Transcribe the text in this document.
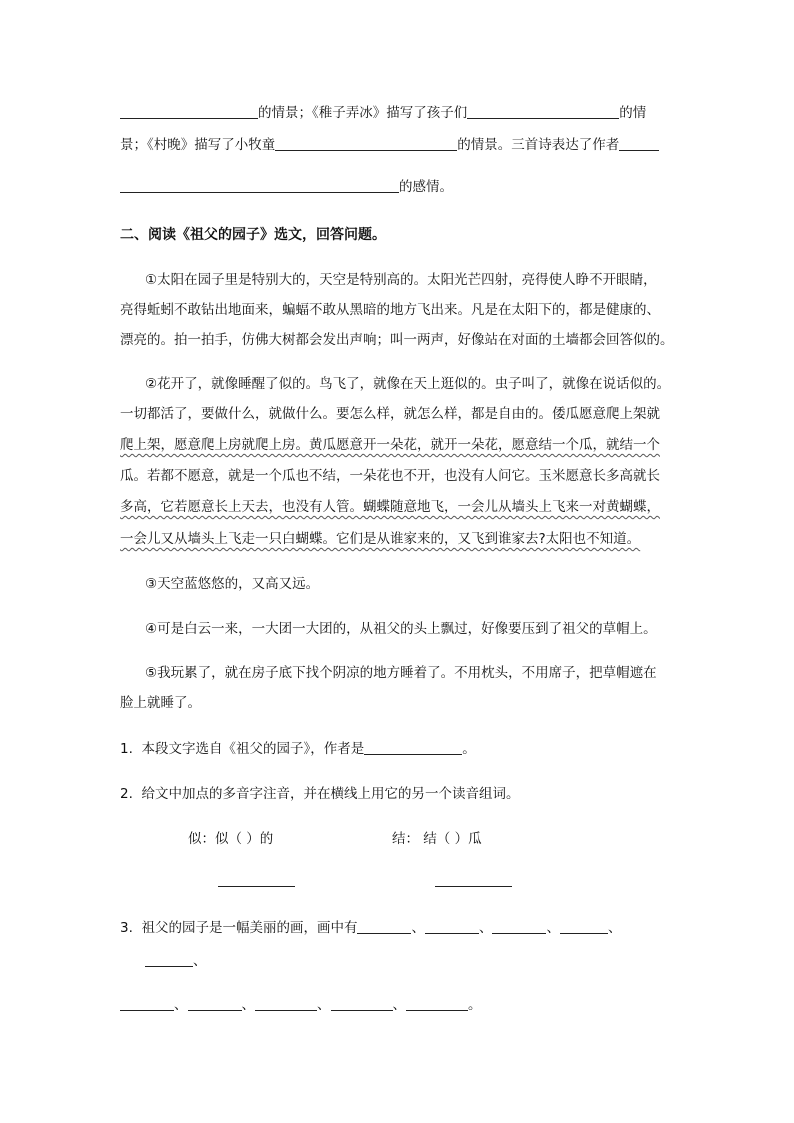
的情景；《稚子弄冰》描写了孩子们	的情
景；《村晚》描写了小牧童	的情景。三首诗表达了作者
的感情。
二、阅读《祖父的园子》选文，回答问题。
①太阳在园子里是特别大的，天空是特别高的。太阳光芒四射，亮得使人睁不开眼睛，
亮得蚯蚓不敢钻出地面来，蝙蝠不敢从黑暗的地方飞出来。凡是在太阳下的，都是健康的、
漂亮的。拍一拍手，仿佛大树都会发出声响；叫一两声，好像站在对面的土墙都会回答似的。
②花开了，就像睡醒了似的。鸟飞了，就像在天上逛似的。虫子叫了，就像在说话似的。
一切都活了，要做什么，就做什么。要怎么样，就怎么样，都是自由的。倭瓜愿意爬上架就
爬上架，愿意爬上房就爬上房。黄瓜愿意开一朵花，就开一朵花，愿意结一个瓜，就结一个
瓜。若都不愿意，就是一个瓜也不结，一朵花也不开，也没有人问它。玉米愿意长多高就长
多高，它若愿意长上天去，也没有人管。蝴蝶随意地飞，一会儿从墙头上飞来一对黄蝴蝶，
一会儿又从墙头上飞走一只白蝴蝶。它们是从谁家来的，又飞到谁家去?太阳也不知道。
③天空蓝悠悠的，又高又远。
④可是白云一来，一大团一大团的，从祖父的头上飘过，好像要压到了祖父的草帽上。
⑤我玩累了，就在房子底下找个阴凉的地方睡着了。不用枕头，不用席子，把草帽遮在
脸上就睡了。
1. 本段文字选自《祖父的园子》，作者是	。
2. 给文中加点的多音字注音，并在横线上用它的另一个读音组词。
似：似（ ）的	结： 结（ ）瓜
3. 祖父的园子是一幅美丽的画，画中有	、	、	、	、
、
、	、	、	、	。
